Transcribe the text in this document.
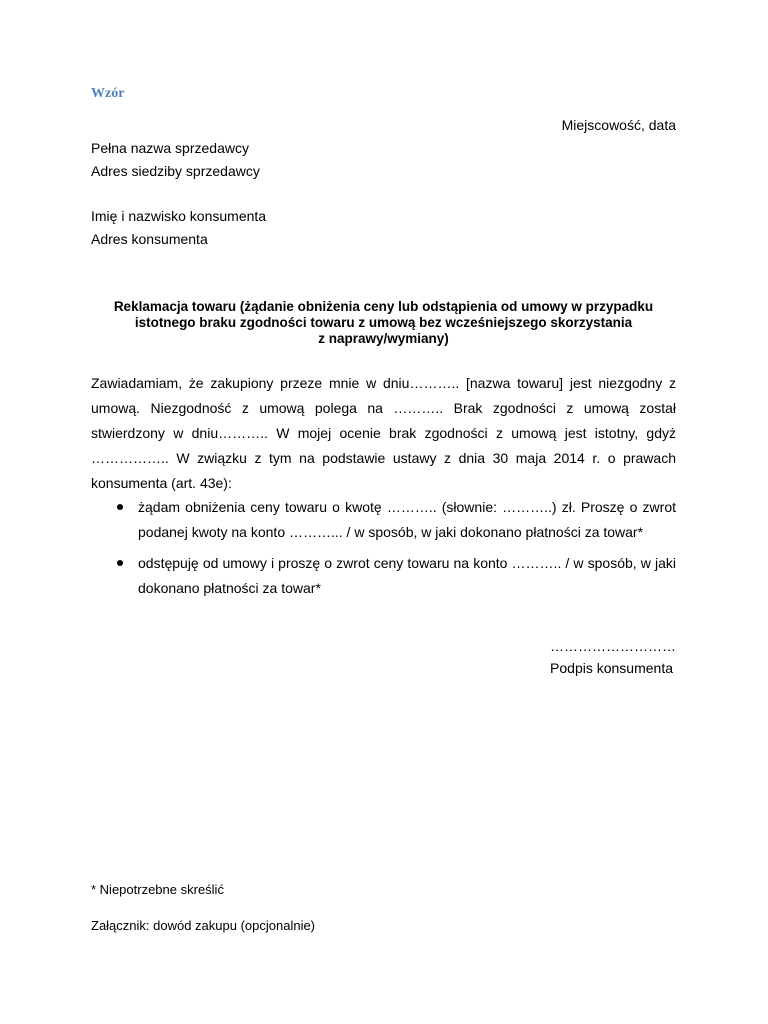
Wzór
Miejscowość, data
Pełna nazwa sprzedawcy
Adres siedziby sprzedawcy
Imię i nazwisko konsumenta
Adres konsumenta
Reklamacja towaru (żądanie obniżenia ceny lub odstąpienia od umowy w przypadku
istotnego braku zgodności towaru z umową bez wcześniejszego skorzystania
z naprawy/wymiany)
Zawiadamiam, że zakupiony przeze mnie w dniu……….. [nazwa towaru] jest niezgodny z umową. Niezgodność z umową polega na ……….. Brak zgodności z umową został stwierdzony w dniu……….. W mojej ocenie brak zgodności z umową jest istotny, gdyż …………….. W związku z tym na podstawie ustawy z dnia 30 maja 2014 r. o prawach konsumenta (art. 43e):
żądam obniżenia ceny towaru o kwotę ……….. (słownie: ………..) zł. Proszę o zwrot podanej kwoty na konto ………... / w sposób, w jaki dokonano płatności za towar*
odstępuję od umowy i proszę o zwrot ceny towaru na konto ……….. / w sposób, w jaki dokonano płatności za towar*
………………………
Podpis konsumenta
* Niepotrzebne skreślić
Załącznik: dowód zakupu (opcjonalnie)
